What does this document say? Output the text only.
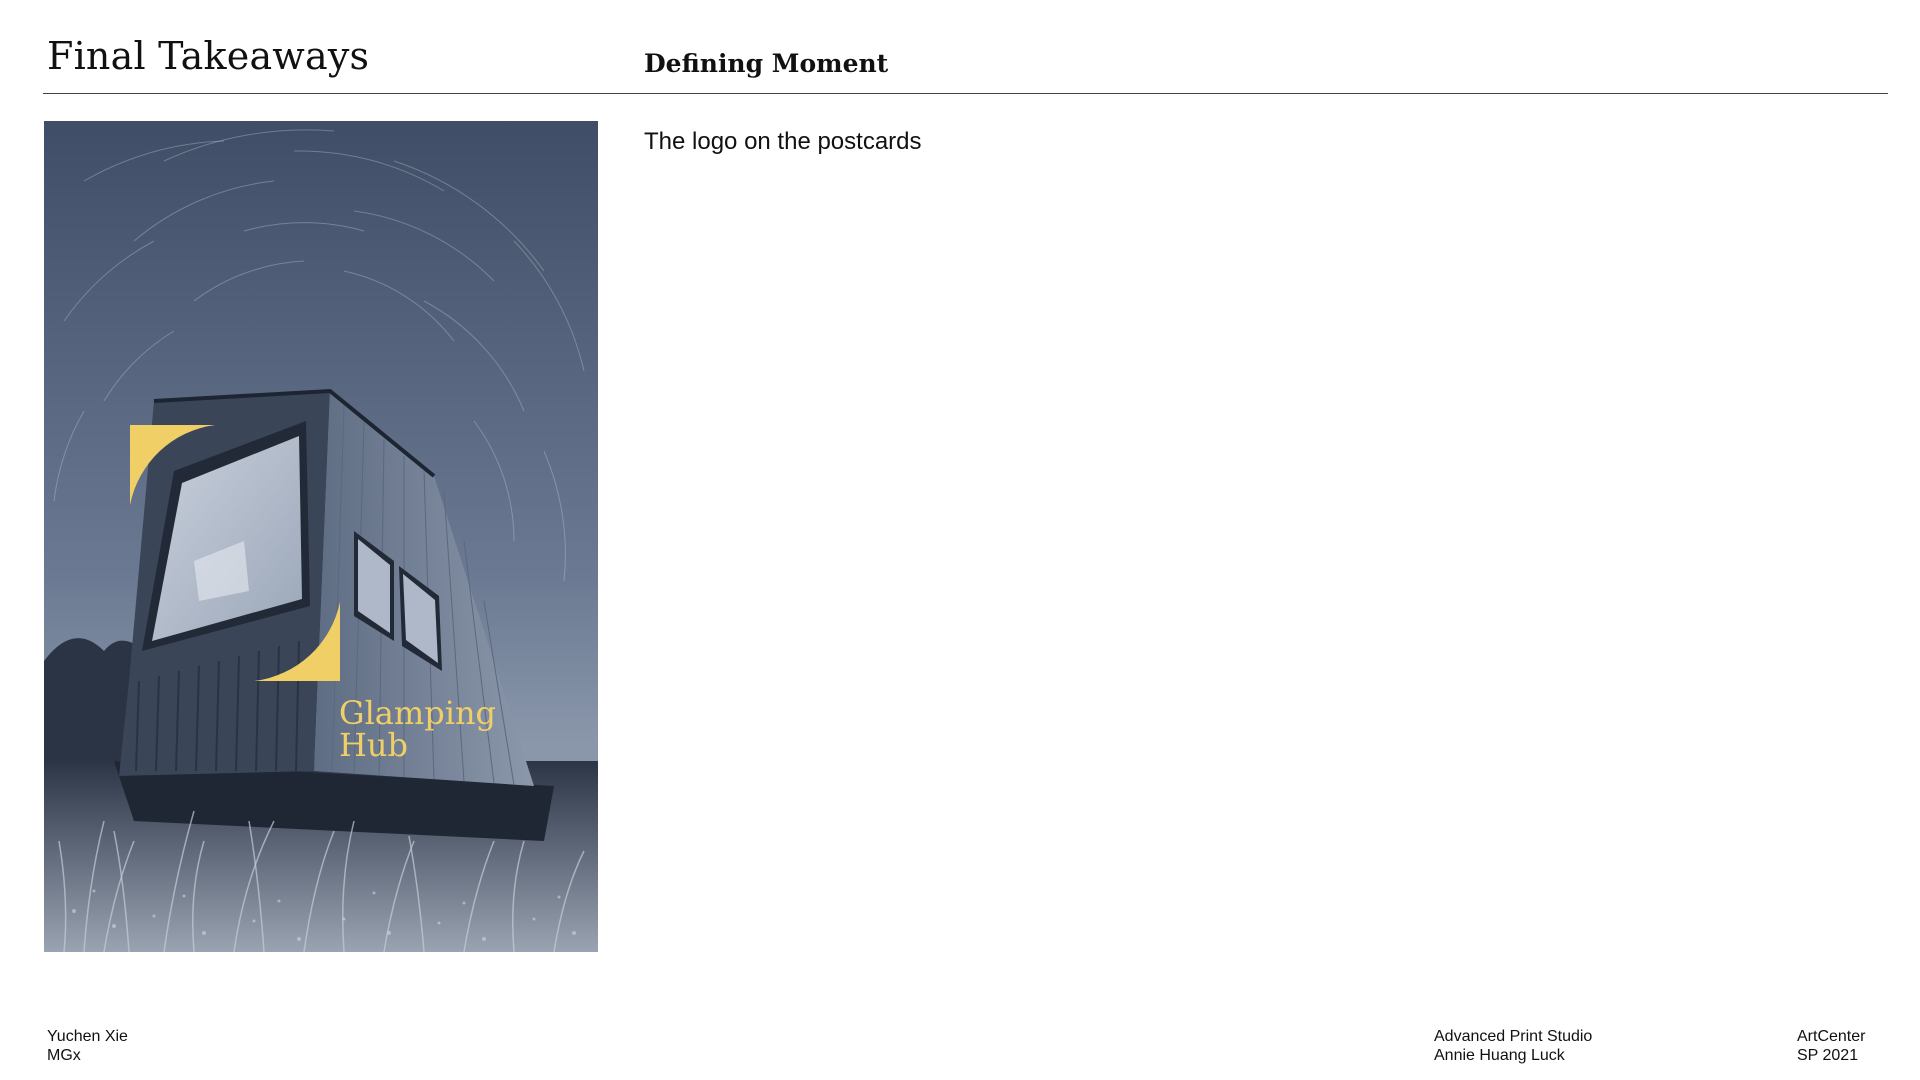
Final Takeaways	Defining Moment
Glamping
Hub

The logo on the postcards

Yuchen Xie
MGx
Advanced Print Studio
Annie Huang Luck
ArtCenter
SP 2021
